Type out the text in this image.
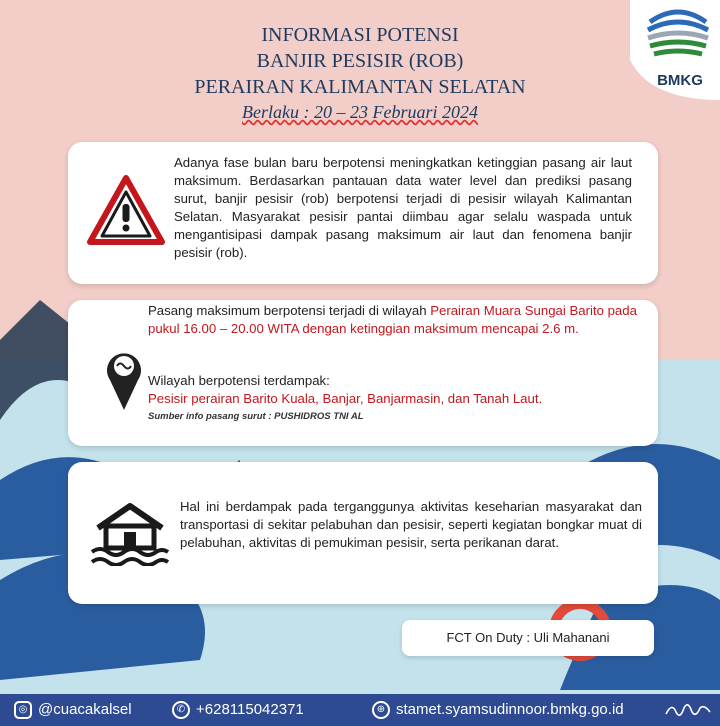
BMKG
INFORMASI POTENSI
BANJIR PESISIR (ROB)
PERAIRAN KALIMANTAN SELATAN
Berlaku : 20 – 23 Februari 2024
Adanya fase bulan baru berpotensi meningkatkan ketinggian pasang air laut maksimum. Berdasarkan pantauan data water level dan prediksi pasang surut, banjir pesisir (rob) berpotensi terjadi di pesisir wilayah Kalimantan Selatan. Masyarakat pesisir pantai diimbau agar selalu waspada untuk mengantisipasi dampak pasang maksimum air laut dan fenomena banjir pesisir (rob).
Pasang maksimum berpotensi terjadi di wilayah Perairan Muara Sungai Barito pada pukul 16.00 – 20.00 WITA dengan ketinggian maksimum mencapai 2.6 m.
Wilayah berpotensi terdampak:
Pesisir perairan Barito Kuala, Banjar, Banjarmasin, dan Tanah Laut.
Sumber info pasang surut : PUSHIDROS TNI AL
Hal ini berdampak pada terganggunya aktivitas keseharian masyarakat dan transportasi di sekitar pelabuhan dan pesisir, seperti kegiatan bongkar muat di pelabuhan, aktivitas di pemukiman pesisir, serta perikanan darat.
FCT On Duty : Uli Mahanani
◎ @cuacakalsel	✆ +628115042371	⊕ stamet.syamsudinnoor.bmkg.go.id
